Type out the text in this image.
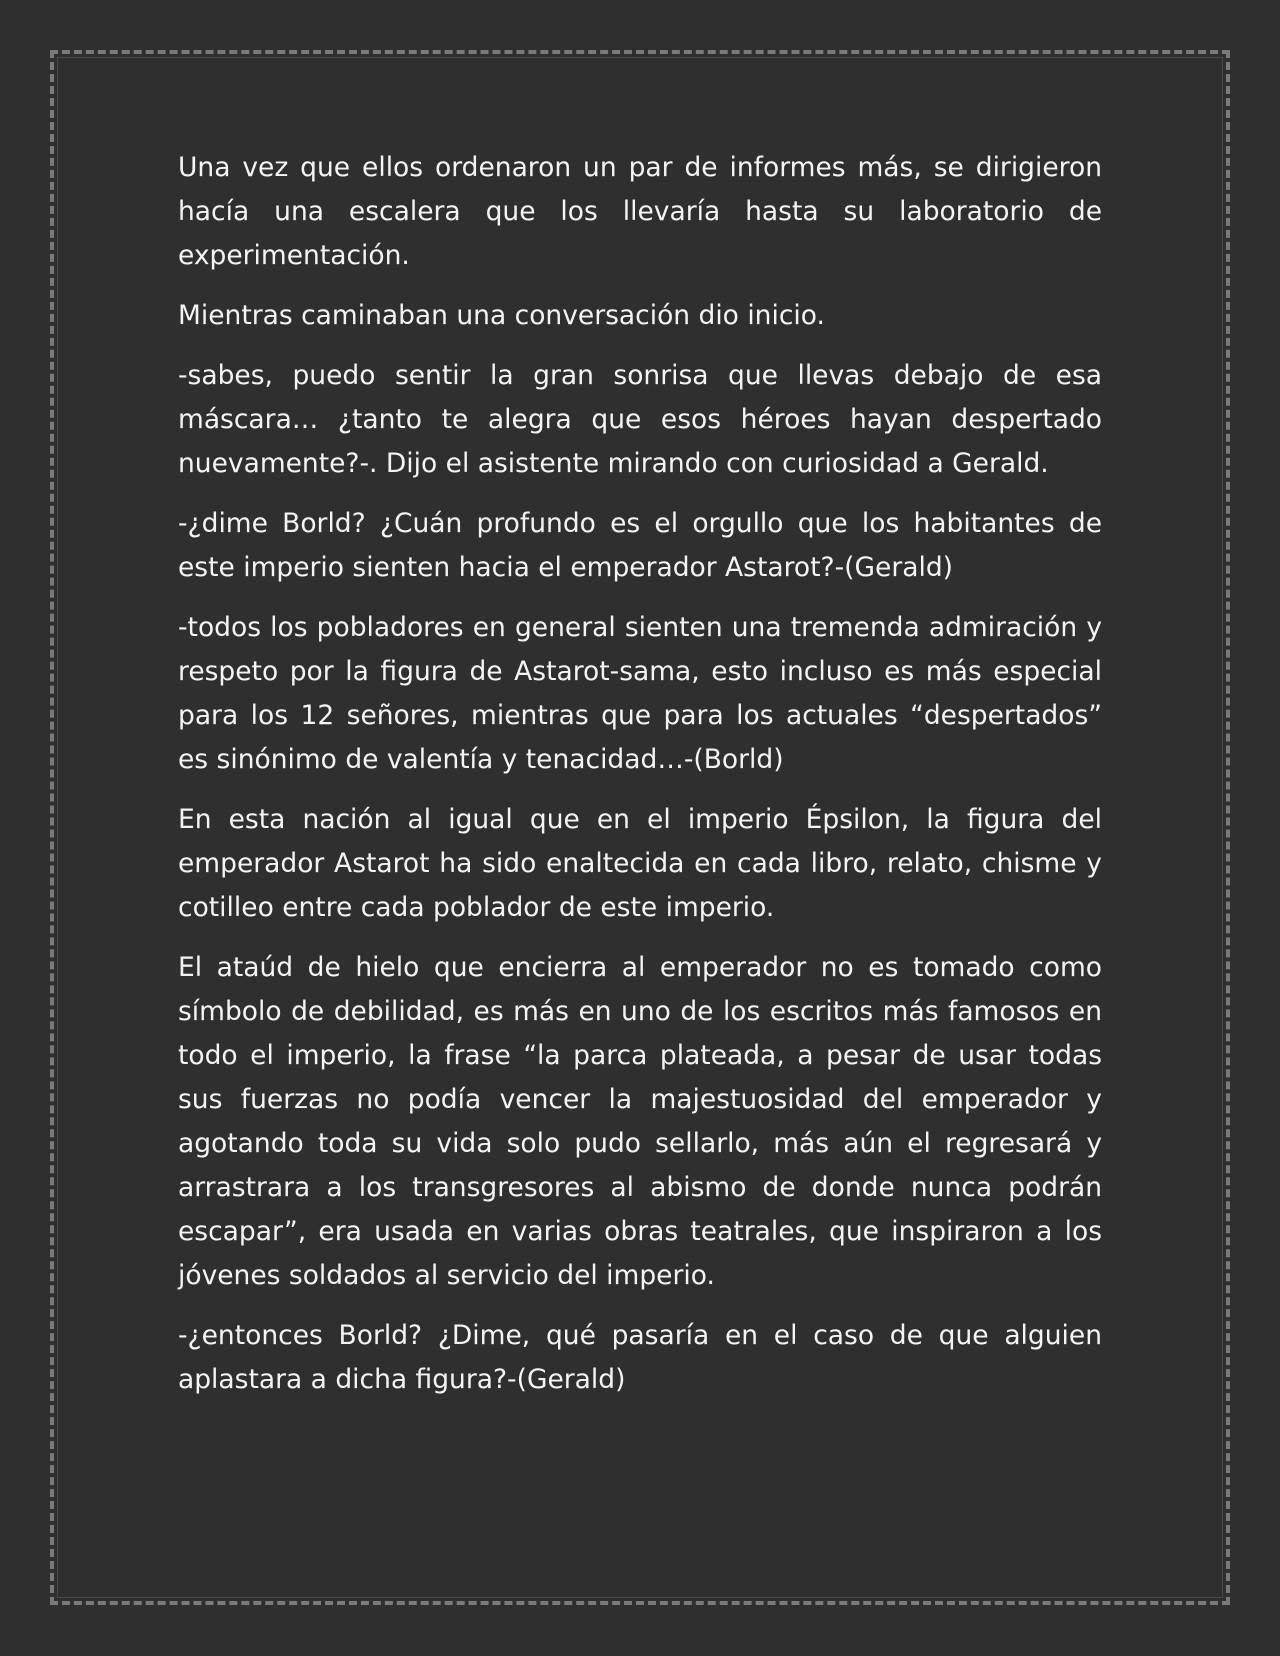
Una vez que ellos ordenaron un par de informes más, se dirigieron hacía una escalera que los llevaría hasta su laboratorio de experimentación.

Mientras caminaban una conversación dio inicio.

-sabes, puedo sentir la gran sonrisa que llevas debajo de esa máscara… ¿tanto te alegra que esos héroes hayan despertado nuevamente?-. Dijo el asistente mirando con curiosidad a Gerald.

-¿dime Borld? ¿Cuán profundo es el orgullo que los habitantes de este imperio sienten hacia el emperador Astarot?-(Gerald)

-todos los pobladores en general sienten una tremenda admiración y respeto por la figura de Astarot-sama, esto incluso es más especial para los 12 señores, mientras que para los actuales “despertados” es sinónimo de valentía y tenacidad…-(Borld)

En esta nación al igual que en el imperio Épsilon, la figura del emperador Astarot ha sido enaltecida en cada libro, relato, chisme y cotilleo entre cada poblador de este imperio.

El ataúd de hielo que encierra al emperador no es tomado como símbolo de debilidad, es más en uno de los escritos más famosos en todo el imperio, la frase “la parca plateada, a pesar de usar todas sus fuerzas no podía vencer la majestuosidad del emperador y agotando toda su vida solo pudo sellarlo, más aún el regresará y arrastrara a los transgresores al abismo de donde nunca podrán escapar”, era usada en varias obras teatrales, que inspiraron a los jóvenes soldados al servicio del imperio.

-¿entonces Borld? ¿Dime, qué pasaría en el caso de que alguien aplastara a dicha figura?-(Gerald)
